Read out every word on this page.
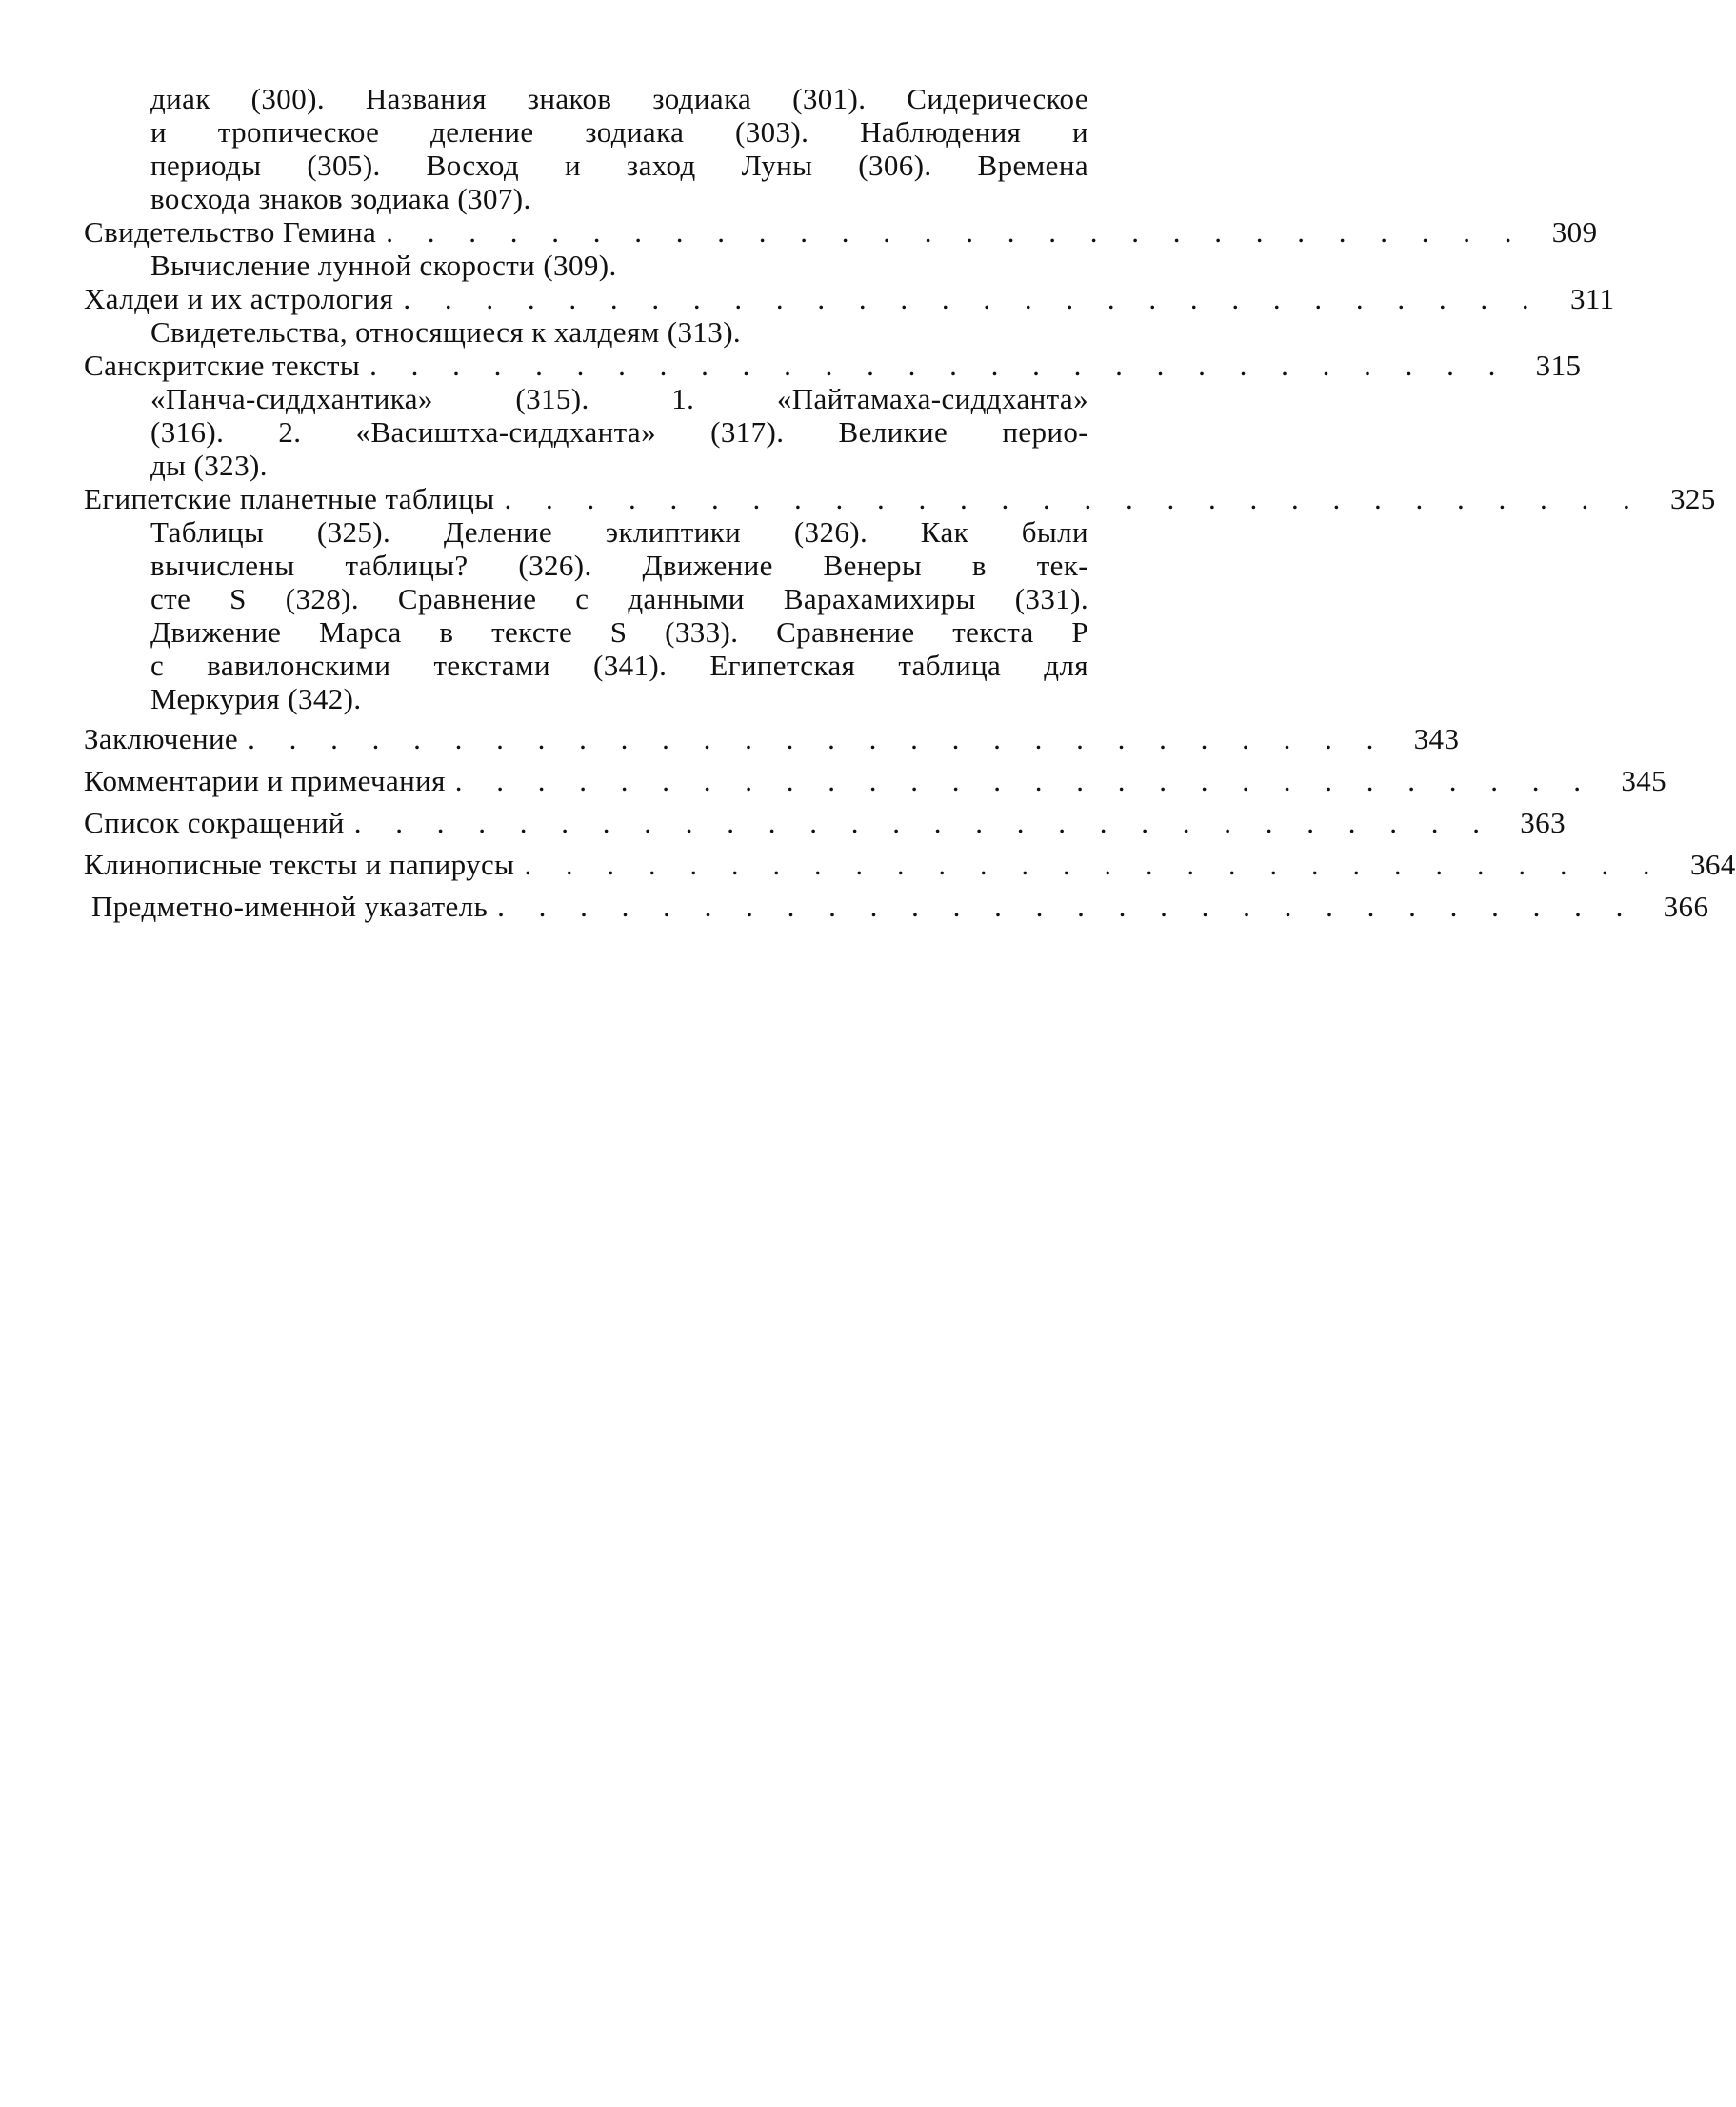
диак (300). Названия знаков зодиака (301). Сидерическое
и тропическое деление зодиака (303). Наблюдения и
периоды (305). Восход и заход Луны (306). Времена
восхода знаков зодиака (307).
Свидетельство Гемина . . . . . . . . . . . . . . . . . . . . . . . . . . . . 309
Вычисление лунной скорости (309).
Халдеи и их астрология . . . . . . . . . . . . . . . . . . . . . . . . . . . . 311
Свидетельства, относящиеся к халдеям (313).
Санскритские тексты . . . . . . . . . . . . . . . . . . . . . . . . . . . . 315
«Панча-сиддхантика» (315). 1. «Пайтамаха-сиддханта»
(316). 2. «Васиштха-сиддханта» (317). Великие перио-
ды (323).
Египетские планетные таблицы . . . . . . . . . . . . . . . . . . . . . . . . . . . . 325
Таблицы (325). Деление эклиптики (326). Как были
вычислены таблицы? (326). Движение Венеры в тек-
сте S (328). Сравнение с данными Варахамихиры (331).
Движение Марса в тексте S (333). Сравнение текста P
с вавилонскими текстами (341). Египетская таблица для
Меркурия (342).
Заключение . . . . . . . . . . . . . . . . . . . . . . . . . . . . 343
Комментарии и примечания . . . . . . . . . . . . . . . . . . . . . . . . . . . . 345
Список сокращений . . . . . . . . . . . . . . . . . . . . . . . . . . . . 363
Клинописные тексты и папирусы . . . . . . . . . . . . . . . . . . . . . . . . . . . . 364
Предметно-именной указатель . . . . . . . . . . . . . . . . . . . . . . . . . . . . 366
